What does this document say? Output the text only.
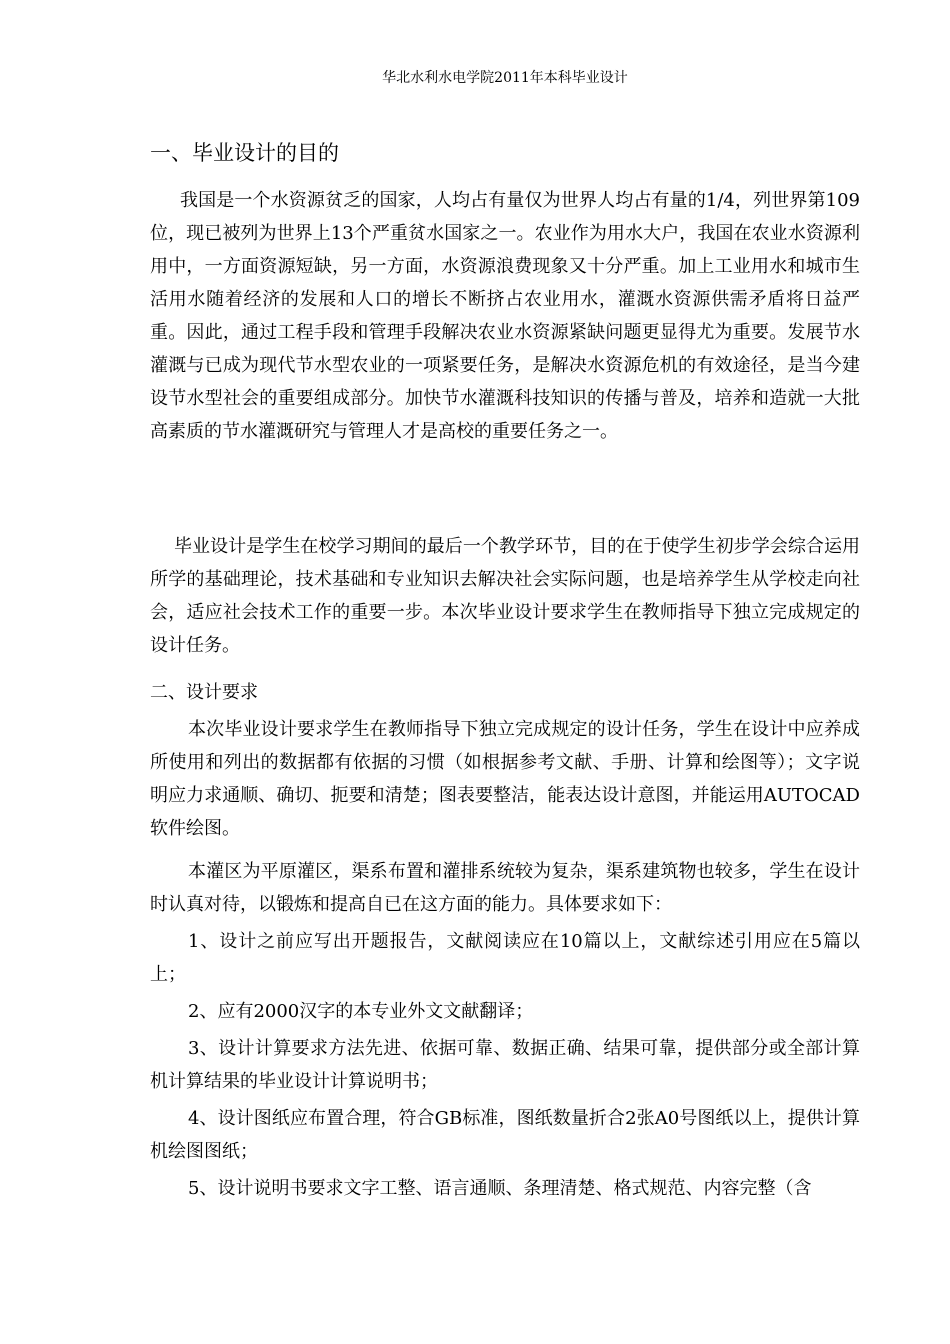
华北水利水电学院2011年本科毕业设计
一、毕业设计的目的

我国是一个水资源贫乏的国家，人均占有量仅为世界人均占有量的1/4，列世界第109位，现已被列为世界上13个严重贫水国家之一。农业作为用水大户，我国在农业水资源利用中，一方面资源短缺，另一方面，水资源浪费现象又十分严重。加上工业用水和城市生活用水随着经济的发展和人口的增长不断挤占农业用水，灌溉水资源供需矛盾将日益严重。因此，通过工程手段和管理手段解决农业水资源紧缺问题更显得尤为重要。发展节水灌溉与已成为现代节水型农业的一项紧要任务，是解决水资源危机的有效途径，是当今建设节水型社会的重要组成部分。加快节水灌溉科技知识的传播与普及，培养和造就一大批高素质的节水灌溉研究与管理人才是高校的重要任务之一。

毕业设计是学生在校学习期间的最后一个教学环节，目的在于使学生初步学会综合运用所学的基础理论，技术基础和专业知识去解决社会实际问题，也是培养学生从学校走向社会，适应社会技术工作的重要一步。本次毕业设计要求学生在教师指导下独立完成规定的设计任务。

二、设计要求

本次毕业设计要求学生在教师指导下独立完成规定的设计任务，学生在设计中应养成所使用和列出的数据都有依据的习惯（如根据参考文献、手册、计算和绘图等）；文字说明应力求通顺、确切、扼要和清楚；图表要整洁，能表达设计意图，并能运用AUTOCAD软件绘图。

本灌区为平原灌区，渠系布置和灌排系统较为复杂，渠系建筑物也较多，学生在设计时认真对待，以锻炼和提高自已在这方面的能力。具体要求如下：

1、设计之前应写出开题报告，文献阅读应在10篇以上，文献综述引用应在5篇以上；

2、应有2000汉字的本专业外文文献翻译；

3、设计计算要求方法先进、依据可靠、数据正确、结果可靠，提供部分或全部计算机计算结果的毕业设计计算说明书；

4、设计图纸应布置合理，符合GB标准，图纸数量折合2张A0号图纸以上，提供计算机绘图图纸；

5、设计说明书要求文字工整、语言通顺、条理清楚、格式规范、内容完整（含
